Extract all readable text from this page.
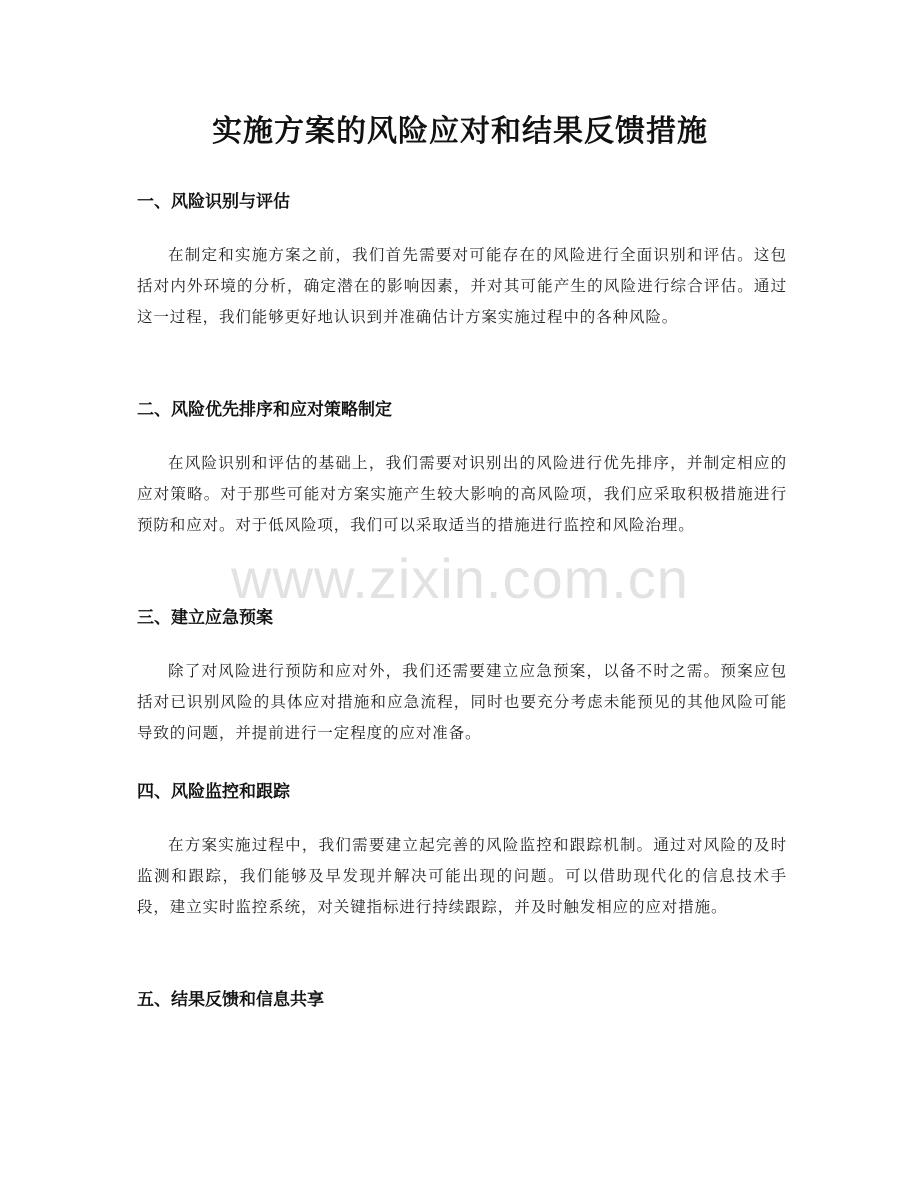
实施方案的风险应对和结果反馈措施
一、风险识别与评估

在制定和实施方案之前，我们首先需要对可能存在的风险进行全面识别和评估。这包括对内外环境的分析，确定潜在的影响因素，并对其可能产生的风险进行综合评估。通过这一过程，我们能够更好地认识到并准确估计方案实施过程中的各种风险。

二、风险优先排序和应对策略制定

在风险识别和评估的基础上，我们需要对识别出的风险进行优先排序，并制定相应的应对策略。对于那些可能对方案实施产生较大影响的高风险项，我们应采取积极措施进行预防和应对。对于低风险项，我们可以采取适当的措施进行监控和风险治理。

三、建立应急预案

除了对风险进行预防和应对外，我们还需要建立应急预案，以备不时之需。预案应包括对已识别风险的具体应对措施和应急流程，同时也要充分考虑未能预见的其他风险可能导致的问题，并提前进行一定程度的应对准备。

四、风险监控和跟踪

在方案实施过程中，我们需要建立起完善的风险监控和跟踪机制。通过对风险的及时监测和跟踪，我们能够及早发现并解决可能出现的问题。可以借助现代化的信息技术手段，建立实时监控系统，对关键指标进行持续跟踪，并及时触发相应的应对措施。

五、结果反馈和信息共享
www.zixin.com.cn
